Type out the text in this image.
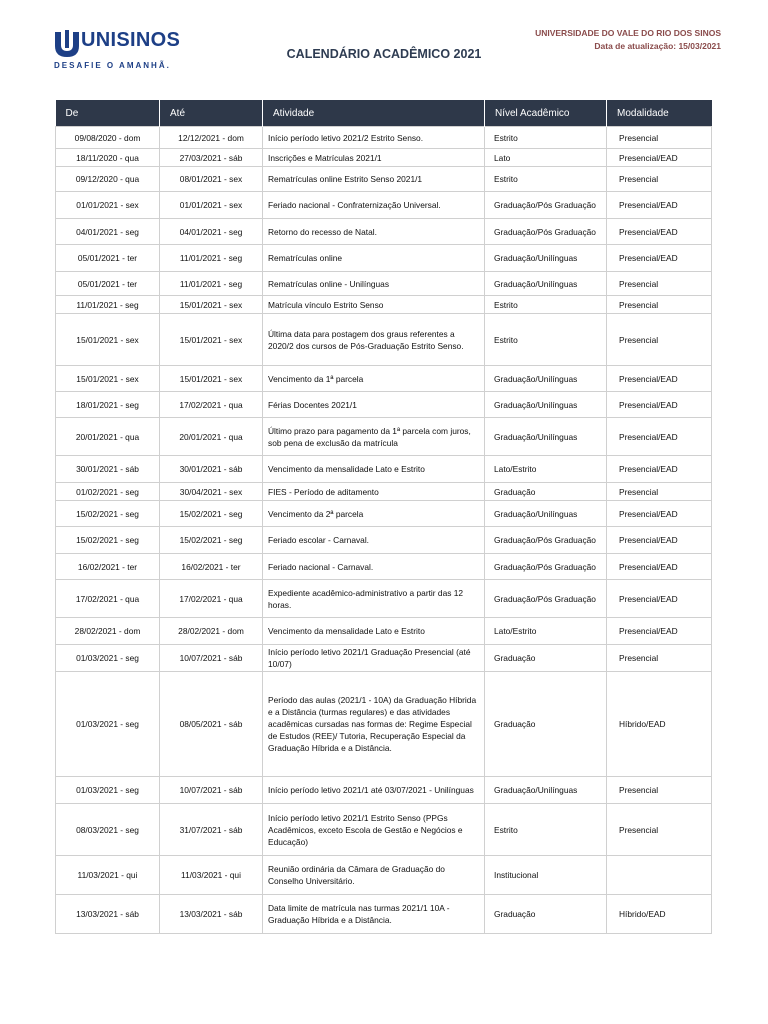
UNISINOS
DESAFIE O AMANHÃ.
CALENDÁRIO ACADÊMICO 2021
UNIVERSIDADE DO VALE DO RIO DOS SINOS
Data de atualização: 15/03/2021
De	Até	Atividade	Nível Acadêmico	Modalidade
09/08/2020 - dom	12/12/2021 - dom	Início período letivo 2021/2 Estrito Senso.	Estrito	Presencial
18/11/2020 - qua	27/03/2021 - sáb	Inscrições e Matrículas 2021/1	Lato	Presencial/EAD
09/12/2020 - qua	08/01/2021 - sex	Rematrículas online Estrito Senso 2021/1	Estrito	Presencial
01/01/2021 - sex	01/01/2021 - sex	Feriado nacional - Confraternização Universal.	Graduação/Pós Graduação	Presencial/EAD
04/01/2021 - seg	04/01/2021 - seg	Retorno do recesso de Natal.	Graduação/Pós Graduação	Presencial/EAD
05/01/2021 - ter	11/01/2021 - seg	Rematrículas online	Graduação/Unilínguas	Presencial/EAD
05/01/2021 - ter	11/01/2021 - seg	Rematrículas online - Unilínguas	Graduação/Unilínguas	Presencial
11/01/2021 - seg	15/01/2021 - sex	Matrícula vínculo Estrito Senso	Estrito	Presencial
15/01/2021 - sex	15/01/2021 - sex	Última data para postagem dos graus referentes a 2020/2 dos cursos de Pós-Graduação Estrito Senso.	Estrito	Presencial
15/01/2021 - sex	15/01/2021 - sex	Vencimento da 1ª parcela	Graduação/Unilínguas	Presencial/EAD
18/01/2021 - seg	17/02/2021 - qua	Férias Docentes 2021/1	Graduação/Unilínguas	Presencial/EAD
20/01/2021 - qua	20/01/2021 - qua	Último prazo para pagamento da 1ª parcela com juros, sob pena de exclusão da matrícula	Graduação/Unilínguas	Presencial/EAD
30/01/2021 - sáb	30/01/2021 - sáb	Vencimento da mensalidade Lato e Estrito	Lato/Estrito	Presencial/EAD
01/02/2021 - seg	30/04/2021 - sex	FIES - Período de aditamento	Graduação	Presencial
15/02/2021 - seg	15/02/2021 - seg	Vencimento da 2ª parcela	Graduação/Unilínguas	Presencial/EAD
15/02/2021 - seg	15/02/2021 - seg	Feriado escolar - Carnaval.	Graduação/Pós Graduação	Presencial/EAD
16/02/2021 - ter	16/02/2021 - ter	Feriado nacional - Carnaval.	Graduação/Pós Graduação	Presencial/EAD
17/02/2021 - qua	17/02/2021 - qua	Expediente acadêmico-administrativo a partir das 12 horas.	Graduação/Pós Graduação	Presencial/EAD
28/02/2021 - dom	28/02/2021 - dom	Vencimento da mensalidade Lato e Estrito	Lato/Estrito	Presencial/EAD
01/03/2021 - seg	10/07/2021 - sáb	Início período letivo 2021/1 Graduação Presencial (até 10/07)	Graduação	Presencial
01/03/2021 - seg	08/05/2021 - sáb	Período das aulas (2021/1 - 10A) da Graduação Híbrida e a Distância (turmas regulares) e das atividades acadêmicas cursadas nas formas de: Regime Especial de Estudos (REE)/ Tutoria, Recuperação Especial da Graduação Híbrida e a Distância.	Graduação	Híbrido/EAD
01/03/2021 - seg	10/07/2021 - sáb	Início período letivo 2021/1 até 03/07/2021 - Unilínguas	Graduação/Unilínguas	Presencial
08/03/2021 - seg	31/07/2021 - sáb	Início período letivo 2021/1 Estrito Senso (PPGs Acadêmicos, exceto Escola de Gestão e Negócios e Educação)	Estrito	Presencial
11/03/2021 - qui	11/03/2021 - qui	Reunião ordinária da Câmara de Graduação do Conselho Universitário.	Institucional	
13/03/2021 - sáb	13/03/2021 - sáb	Data limite de matrícula nas turmas 2021/1 10A - Graduação Híbrida e a Distância.	Graduação	Híbrido/EAD
